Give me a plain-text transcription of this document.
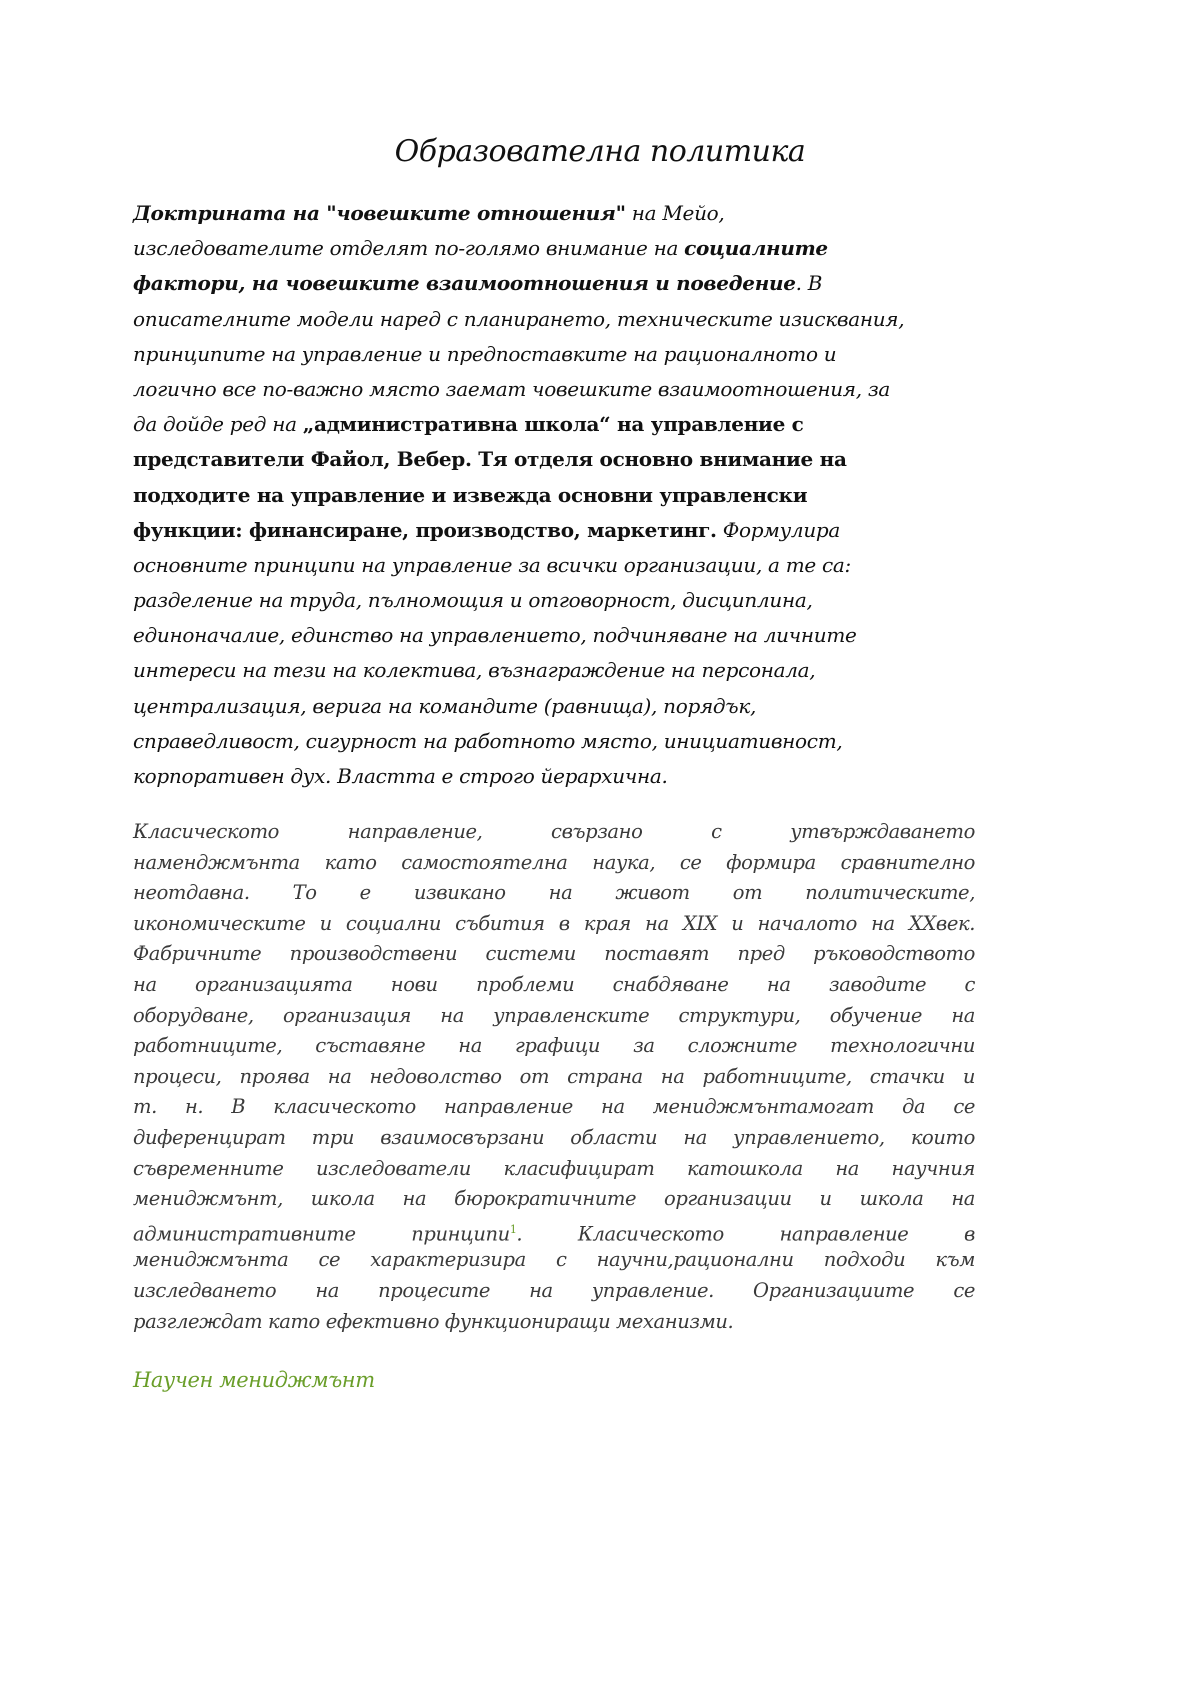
Образователна политика
Доктрината на "човешките отношения" на Мейо,
изследователите отделят по-голямо внимание на социалните
фактори, на човешките взаимоотношения и поведение. В
описателните модели наред с планирането, техническите изисквания,
принципите на управление и предпоставките на рационалното и
логично все по-важно място заемат човешките взаимоотношения, за
да дойде ред на „административна школа“ на управление с
представители Файол, Вебер. Тя отделя основно внимание на
подходите на управление и извежда основни управленски
функции: финансиране, производство, маркетинг. Формулира
основните принципи на управление за всички организации, а те са:
разделение на труда, пълномощия и отговорност, дисциплина,
единоначалие, единство на управлението, подчиняване на личните
интереси на тези на колектива, възнаграждение на персонала,
централизация, верига на командите (равнища), порядък,
справедливост, сигурност на работното място, инициативност,
корпоративен дух. Властта е строго йерархична.
Класическото направление, свързано с утвърждаването
наменджмънта като самостоятелна наука, се формира сравнително
неотдавна. То е извикано на живот от политическите,
икономическите и социални събития в края на XIX и началото на XXвек.
Фабричните производствени системи поставят пред ръководството
на организацията нови проблеми снабдяване на заводите с
оборудване, организация на управленските структури, обучение на
работниците, съставяне на графици за сложните технологични
процеси, проява на недоволство от страна на работниците, стачки и
т. н. В класическото направление на мениджмънтамогат да се
диференцират три взаимосвързани области на управлението, които
съвременните изследователи класифицират катошкола на научния
мениджмънт, школа на бюрократичните организации и школа на
административните принципи$^1$. Класическото направление в
мениджмънта се характеризира с научни,рационални подходи към
изследването на процесите на управление. Организациите се
разглеждат като ефективно функциониращи механизми.
Научен мениджмънт
